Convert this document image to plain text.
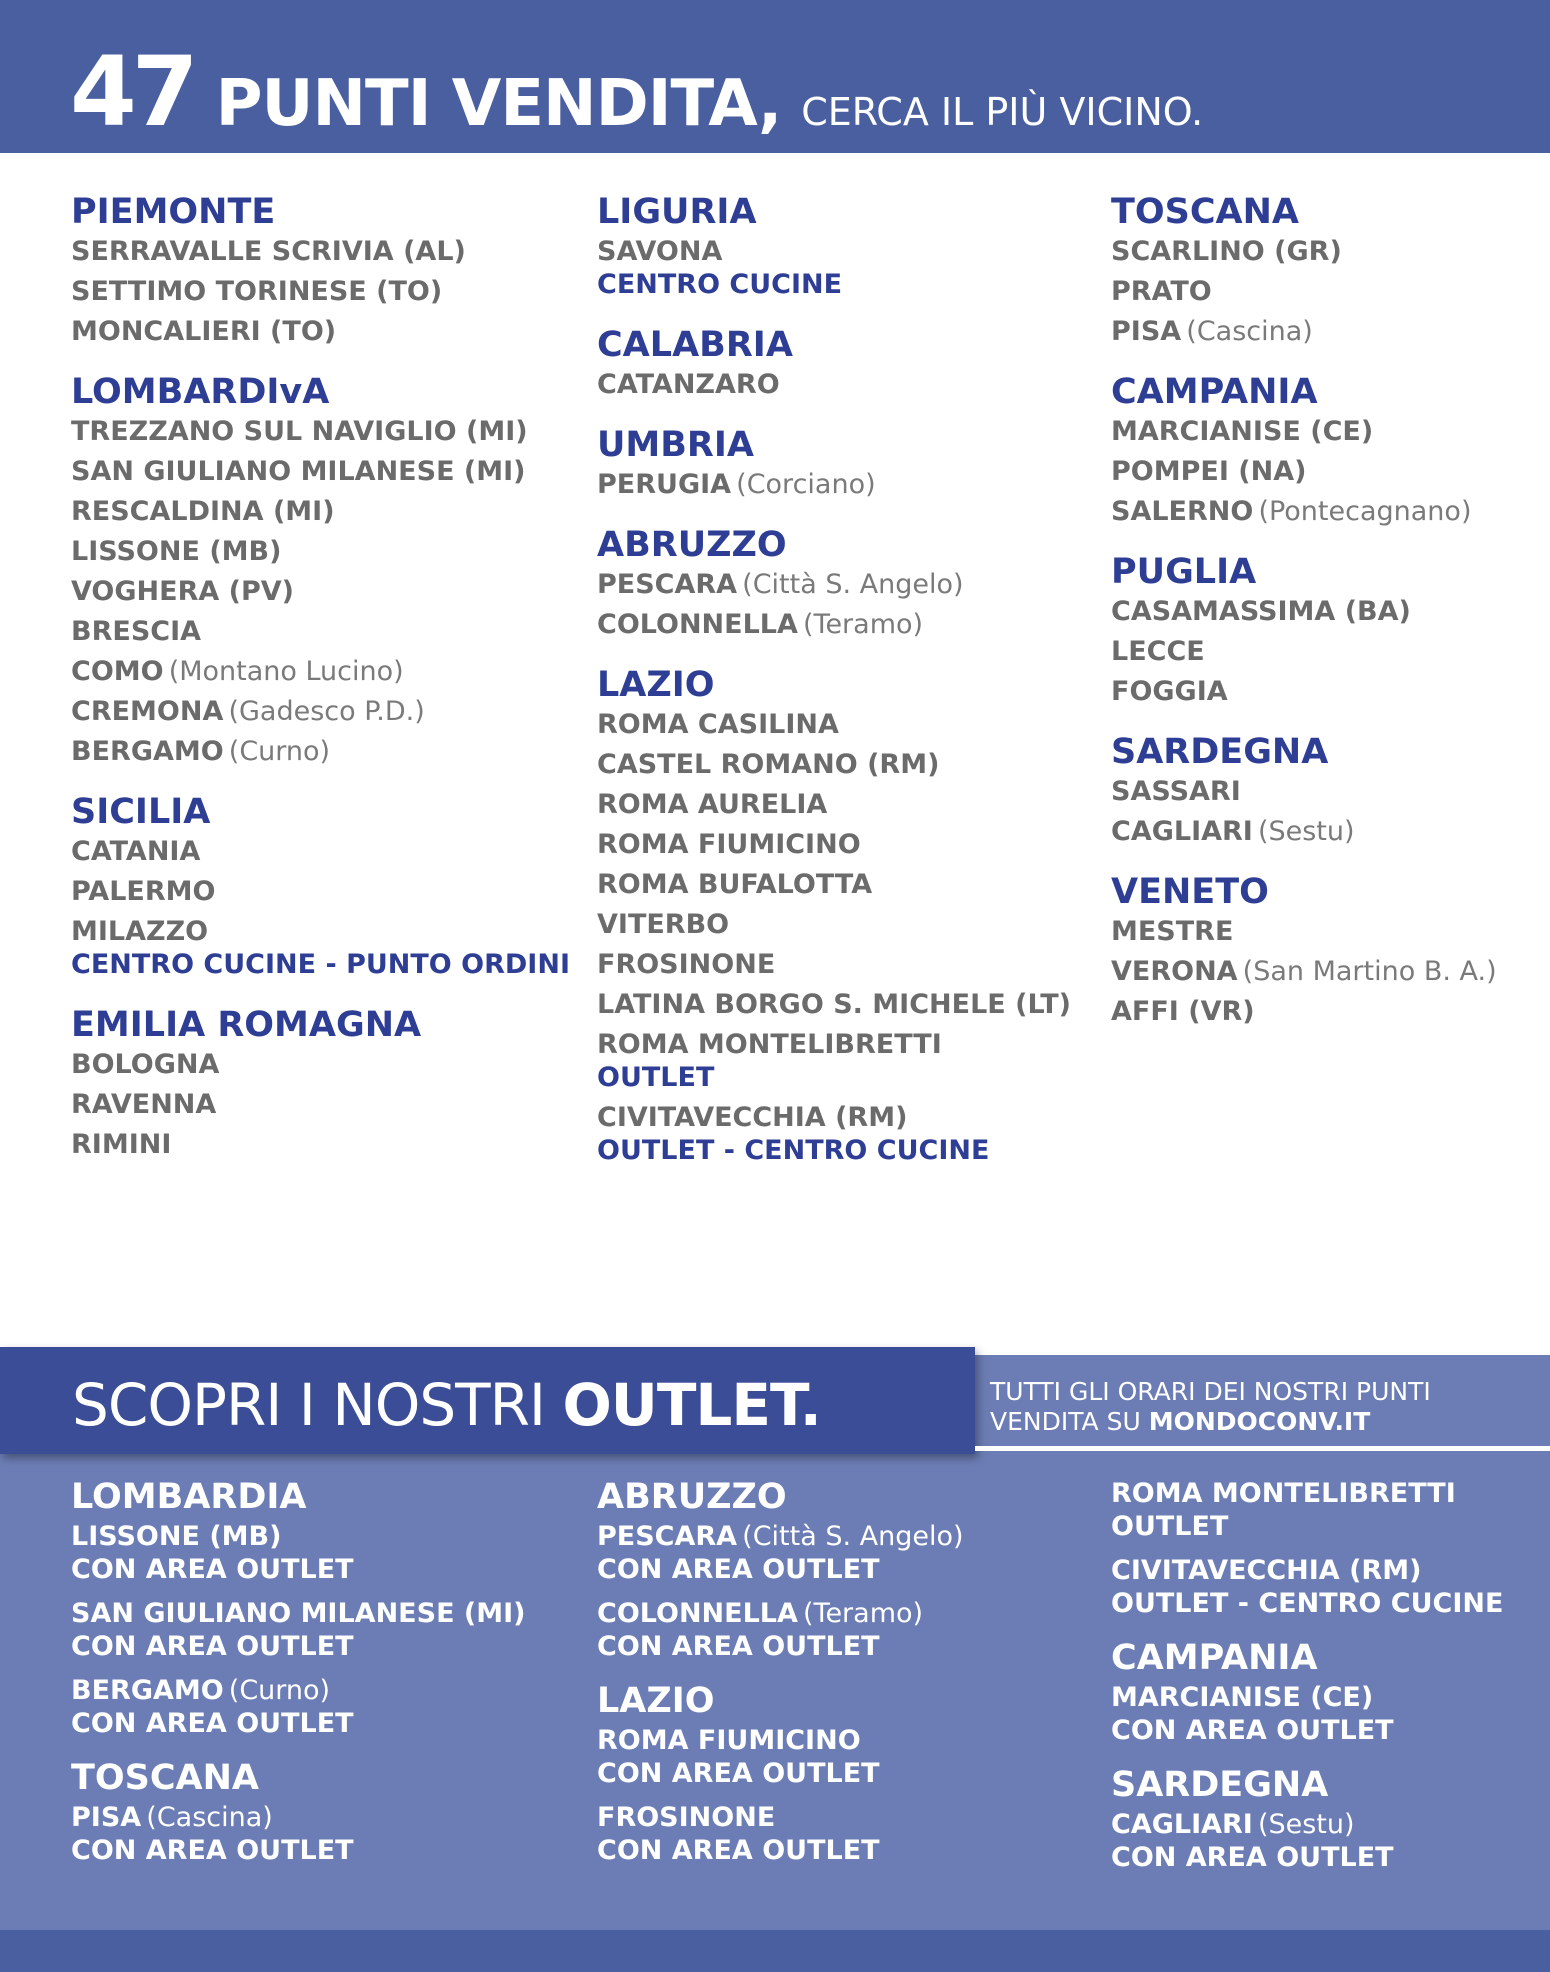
47 PUNTI VENDITA, CERCA IL PIÙ VICINO.
PIEMONTE
SERRAVALLE SCRIVIA (AL)
SETTIMO TORINESE (TO)
MONCALIERI (TO)
LOMBARDIvA
TREZZANO SUL NAVIGLIO (MI)
SAN GIULIANO MILANESE (MI)
RESCALDINA (MI)
LISSONE (MB)
VOGHERA (PV)
BRESCIA
COMO (Montano Lucino)
CREMONA (Gadesco P.D.)
BERGAMO (Curno)
SICILIA
CATANIA
PALERMO
MILAZZO
CENTRO CUCINE - PUNTO ORDINI
EMILIA ROMAGNA
BOLOGNA
RAVENNA
RIMINI
LIGURIA
SAVONA
CENTRO CUCINE
CALABRIA
CATANZARO
UMBRIA
PERUGIA (Corciano)
ABRUZZO
PESCARA (Città S. Angelo)
COLONNELLA (Teramo)
LAZIO
ROMA CASILINA
CASTEL ROMANO (RM)
ROMA AURELIA
ROMA FIUMICINO
ROMA BUFALOTTA
VITERBO
FROSINONE
LATINA BORGO S. MICHELE (LT)
ROMA MONTELIBRETTI
OUTLET
CIVITAVECCHIA (RM)
OUTLET - CENTRO CUCINE
TOSCANA
SCARLINO (GR)
PRATO
PISA (Cascina)
CAMPANIA
MARCIANISE (CE)
POMPEI (NA)
SALERNO (Pontecagnano)
PUGLIA
CASAMASSIMA (BA)
LECCE
FOGGIA
SARDEGNA
SASSARI
CAGLIARI (Sestu)
VENETO
MESTRE
VERONA (San Martino B. A.)
AFFI (VR)
SCOPRI I NOSTRI OUTLET.	TUTTI GLI ORARI DEI NOSTRI PUNTI
VENDITA SU MONDOCONV.IT
LOMBARDIA
LISSONE (MB)
CON AREA OUTLET
SAN GIULIANO MILANESE (MI)
CON AREA OUTLET
BERGAMO (Curno)
CON AREA OUTLET
TOSCANA
PISA (Cascina)
CON AREA OUTLET
ABRUZZO
PESCARA (Città S. Angelo)
CON AREA OUTLET
COLONNELLA (Teramo)
CON AREA OUTLET
LAZIO
ROMA FIUMICINO
CON AREA OUTLET
FROSINONE
CON AREA OUTLET
ROMA MONTELIBRETTI
OUTLET
CIVITAVECCHIA (RM)
OUTLET - CENTRO CUCINE
CAMPANIA
MARCIANISE (CE)
CON AREA OUTLET
SARDEGNA
CAGLIARI (Sestu)
CON AREA OUTLET
